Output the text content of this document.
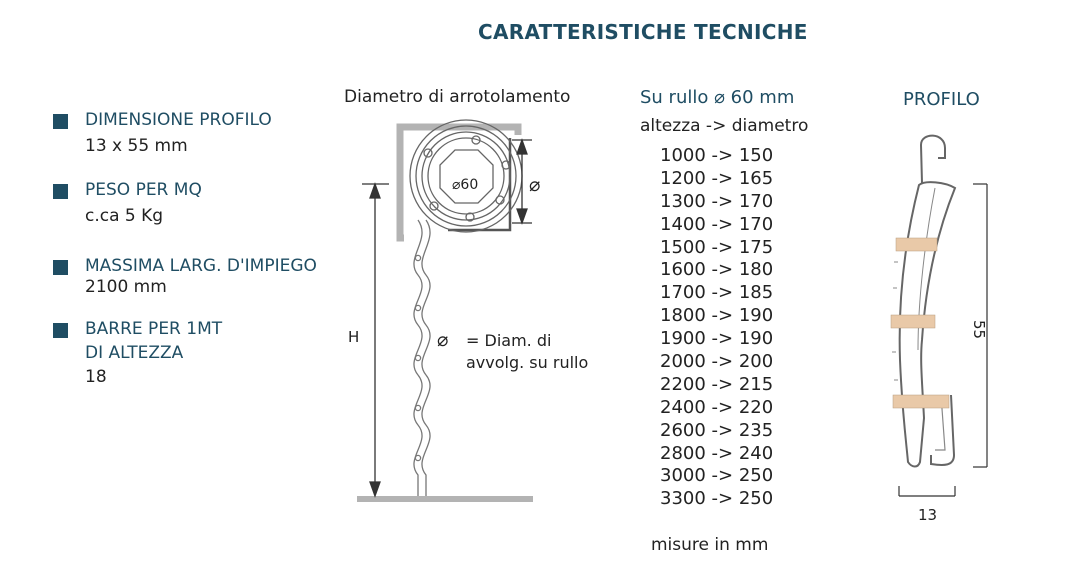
CARATTERISTICHE TECNICHE
DIMENSIONE PROFILO
13 x 55 mm
PESO PER MQ
c.ca 5 Kg
MASSIMA LARG. D'IMPIEGO
2100 mm
BARRE PER 1MT
DI ALTEZZA
18
Diametro di arrotolamento
⌀60	⌀
⌀
H	= Diam. di
avvolg. su rullo
Su rullo ⌀ 60 mm
altezza -> diametro
1000 -> 150
1200 -> 165
1300 -> 170
1400 -> 170
1500 -> 175
1600 -> 180
1700 -> 185
1800 -> 190
1900 -> 190
2000 -> 200
2200 -> 215
2400 -> 220
2600 -> 235
2800 -> 240
3000 -> 250
3300 -> 250
misure in mm
PROFILO
55
13
